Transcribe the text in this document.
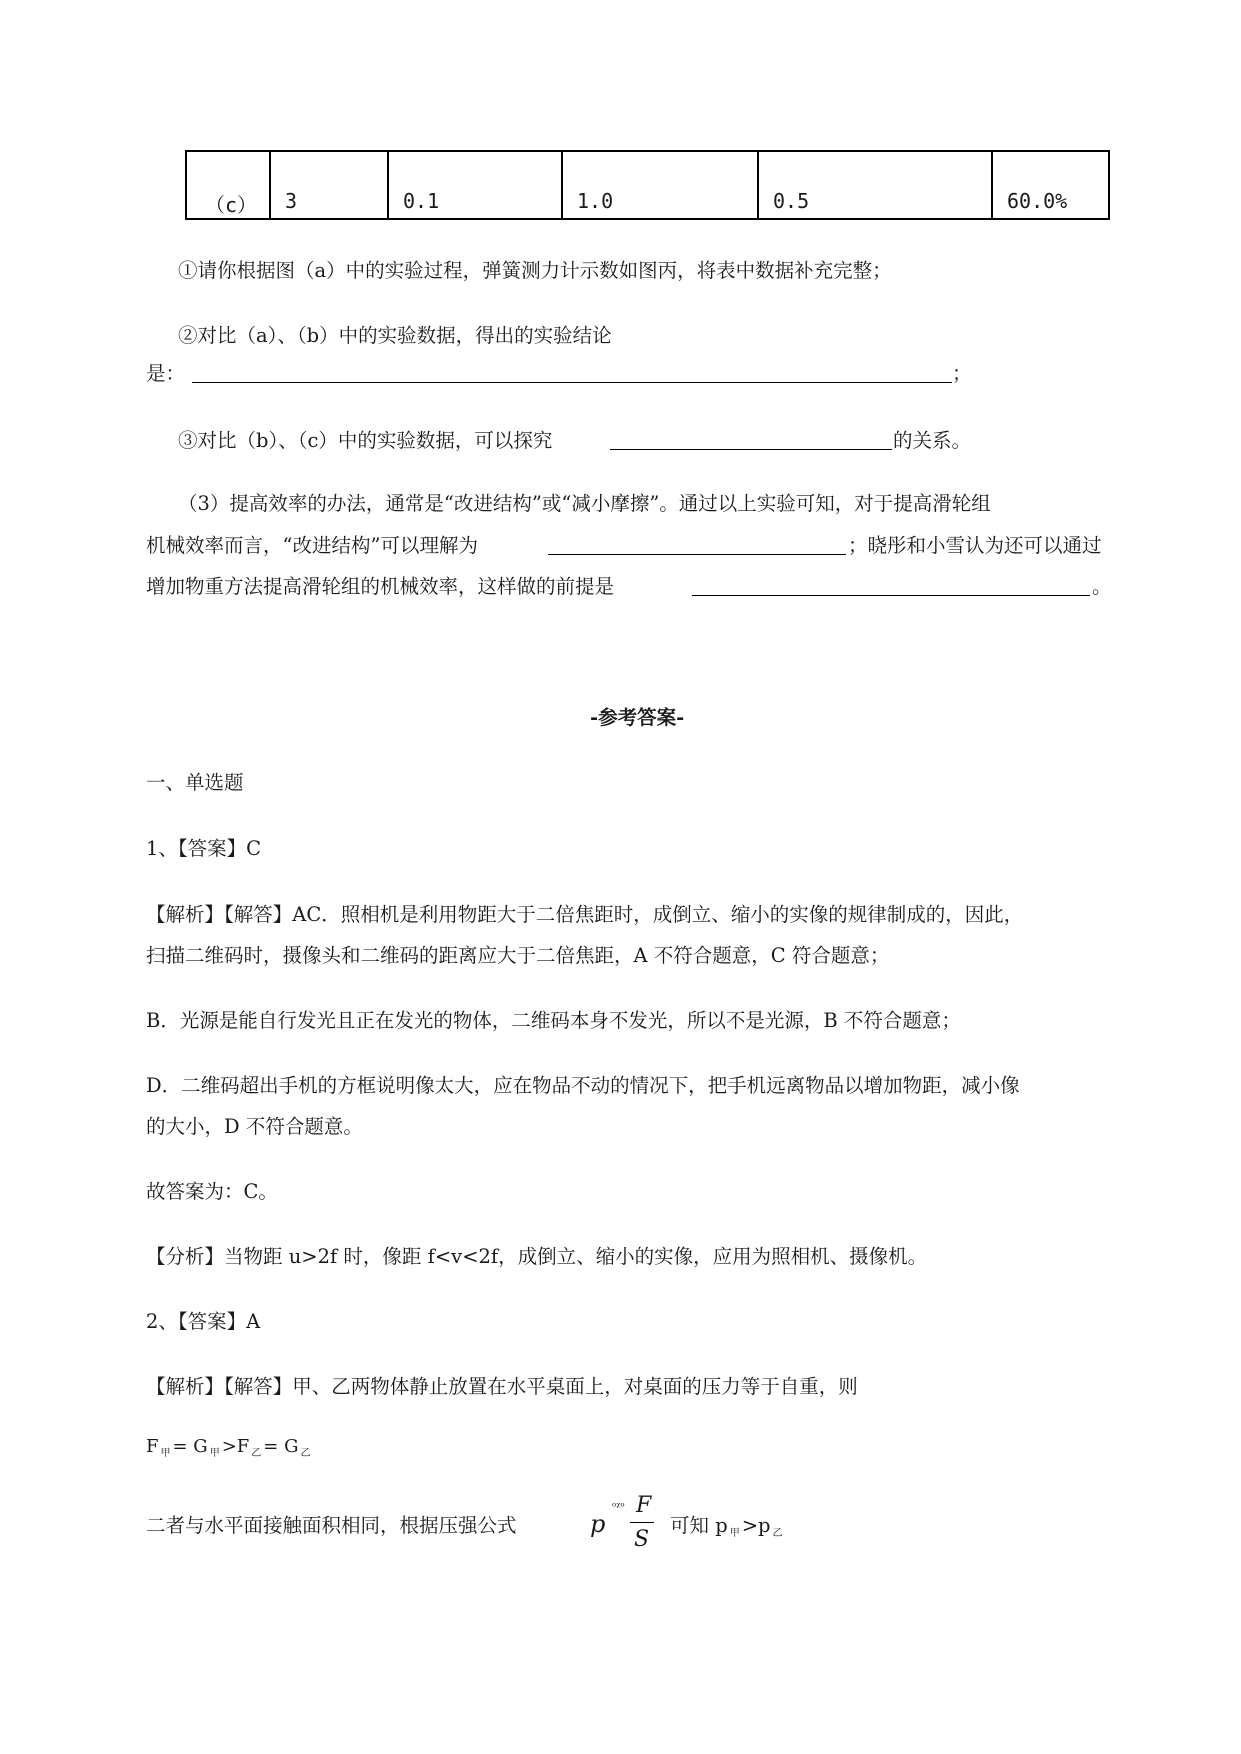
（c） 3	0.1	1.0	0.5	60.0%
①请你根据图（a）中的实验过程，弹簧测力计示数如图丙，将表中数据补充完整；
②对比（a）、（b）中的实验数据，得出的实验结论
是：	；
③对比（b）、（c）中的实验数据，可以探究	的关系。
（3）提高效率的办法，通常是“改进结构”或“减小摩擦”。通过以上实验可知，对于提高滑轮组
机械效率而言，“改进结构”可以理解为	；晓彤和小雪认为还可以通过
增加物重方法提高滑轮组的机械效率，这样做的前提是	。
-参考答案-
一、单选题
1、【答案】C
【解析】【解答】AC．照相机是利用物距大于二倍焦距时，成倒立、缩小的实像的规律制成的，因此，
扫描二维码时，摄像头和二维码的距离应大于二倍焦距，A 不符合题意，C 符合题意；
B．光源是能自行发光且正在发光的物体，二维码本身不发光，所以不是光源，B 不符合题意；
D．二维码超出手机的方框说明像太大，应在物品不动的情况下，把手机远离物品以增加物距，减小像
的大小，D 不符合题意。
故答案为：C。
【分析】当物距 u>2f 时，像距 f<v<2f，成倒立、缩小的实像，应用为照相机、摄像机。
2、【答案】A
【解析】【解答】甲、乙两物体静止放置在水平桌面上，对桌面的压力等于自重，则
F $_甲$ = G $_甲$ >F $_乙$ = G $_乙$
二者与水平面接触面积相同，根据压强公式	p
ᵒᵡᵒ F
S
可知 p $_甲$ >p $_乙$
